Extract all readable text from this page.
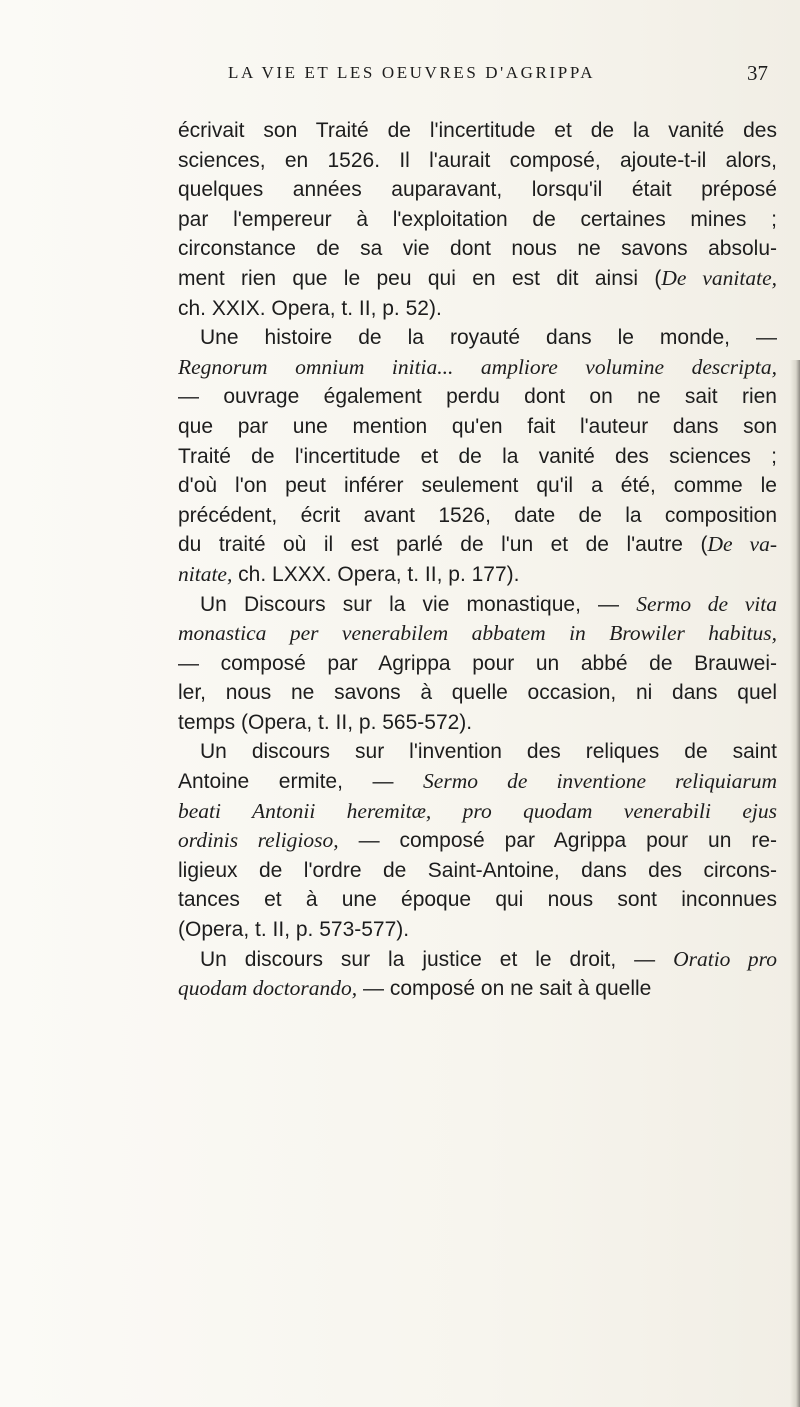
LA VIE ET LES OEUVRES D'AGRIPPA	37
écrivait son Traité de l'incertitude et de la vanité des
sciences, en 1526. Il l'aurait composé, ajoute-t-il alors,
quelques années auparavant, lorsqu'il était préposé
par l'empereur à l'exploitation de certaines mines ;
circonstance de sa vie dont nous ne savons absolu-
ment rien que le peu qui en est dit ainsi (De vanitate,
ch. XXIX. Opera, t. II, p. 52).
Une histoire de la royauté dans le monde, —
Regnorum omnium initia... ampliore volumine descripta,
— ouvrage également perdu dont on ne sait rien
que par une mention qu'en fait l'auteur dans son
Traité de l'incertitude et de la vanité des sciences ;
d'où l'on peut inférer seulement qu'il a été, comme le
précédent, écrit avant 1526, date de la composition
du traité où il est parlé de l'un et de l'autre (De va-
nitate, ch. LXXX. Opera, t. II, p. 177).
Un Discours sur la vie monastique, — Sermo de vita
monastica per venerabilem abbatem in Browiler habitus,
— composé par Agrippa pour un abbé de Brauwei-
ler, nous ne savons à quelle occasion, ni dans quel
temps (Opera, t. II, p. 565-572).
Un discours sur l'invention des reliques de saint
Antoine ermite, — Sermo de inventione reliquiarum
beati Antonii heremitæ, pro quodam venerabili ejus
ordinis religioso, — composé par Agrippa pour un re-
ligieux de l'ordre de Saint-Antoine, dans des circons-
tances et à une époque qui nous sont inconnues
(Opera, t. II, p. 573-577).
Un discours sur la justice et le droit, — Oratio pro
quodam doctorando, — composé on ne sait à quelle
